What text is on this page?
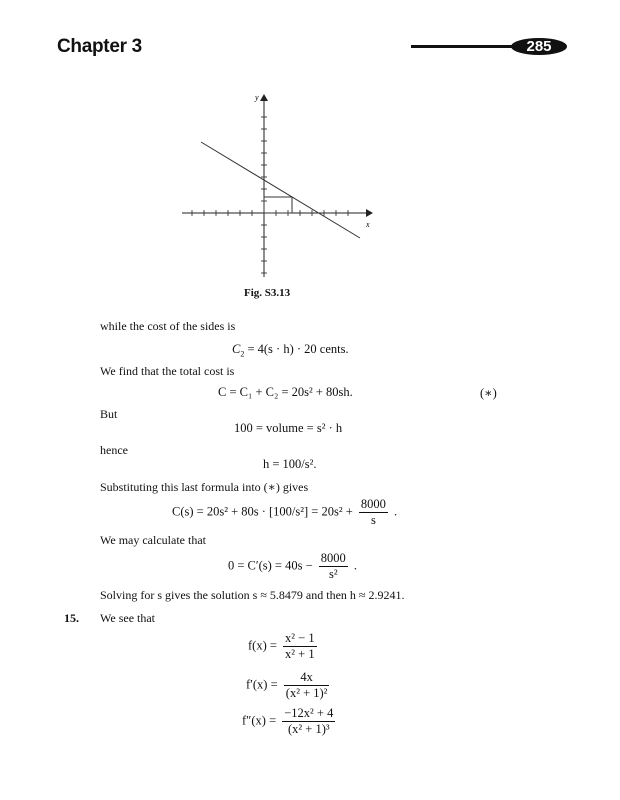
Chapter 3	285
y
x
Fig. S3.13
while the cost of the sides is
$C_2 = 4(s \cdot h) \cdot 20$ cents.
We find that the total cost is
C = C₁ + C₂ = 20s² + 80sh.	(∗)
But
100 = volume = s² · h
hence
h = 100/s².
Substituting this last formula into (∗) gives
$C(s) = 20s^2 + 80s \cdot [100/s^2] = 20s^2 + \frac{8000}{s}$ .
We may calculate that
$0 = C'(s) = 40s - \frac{8000}{\text{s²}}$ .
Solving for s gives the solution s ≈ 5.8479 and then h ≈ 2.9241.
15. We see that
$f(x) = \frac{\text{x² − 1}}{\text{x² + 1}}$
$f'(x) = \frac{4x}{\text{(x² + 1)²}}$
$f''(x) = \frac{\text{−12x² + 4}}{\text{(x² + 1)³}}$
